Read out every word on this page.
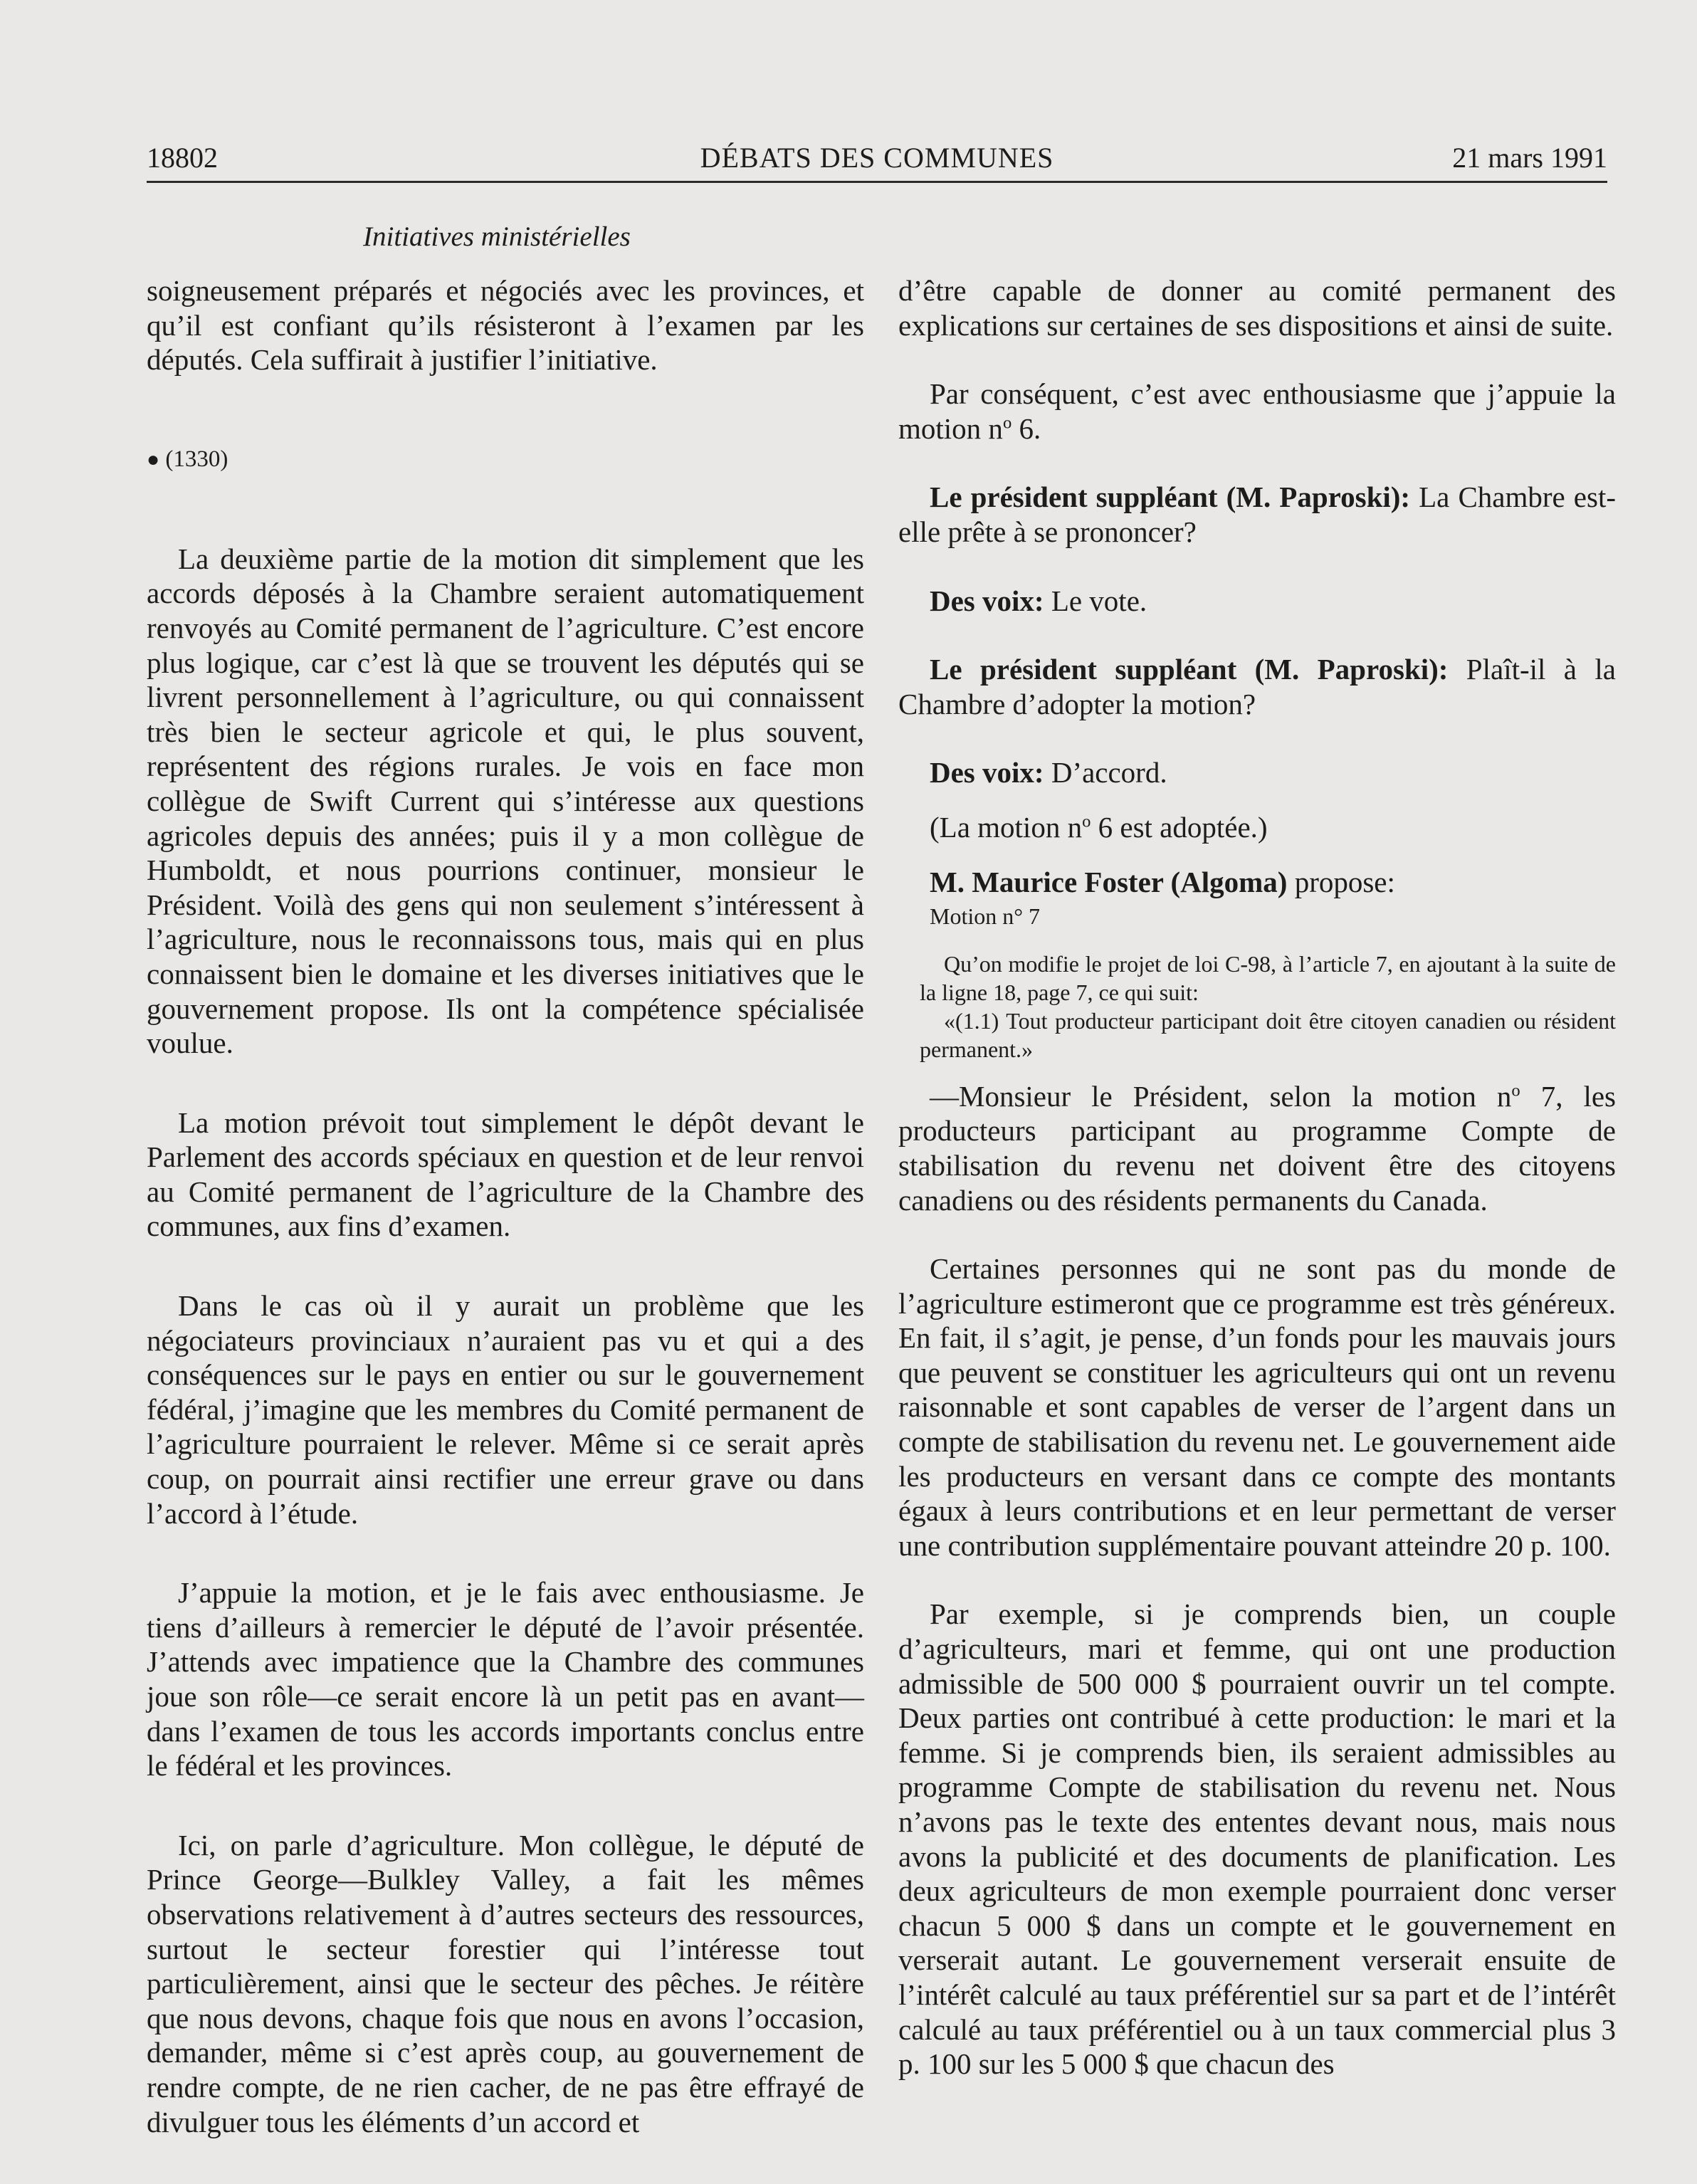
18802	DÉBATS DES COMMUNES	21 mars 1991
Initiatives ministérielles

soigneusement préparés et négociés avec les provinces, et qu’il est confiant qu’ils résisteront à l’examen par les députés. Cela suffirait à justifier l’initiative.

● (1330)

La deuxième partie de la motion dit simplement que les accords déposés à la Chambre seraient automatiquement renvoyés au Comité permanent de l’agriculture. C’est encore plus logique, car c’est là que se trouvent les députés qui se livrent personnellement à l’agriculture, ou qui connaissent très bien le secteur agricole et qui, le plus souvent, représentent des régions rurales. Je vois en face mon collègue de Swift Current qui s’intéresse aux questions agricoles depuis des années; puis il y a mon collègue de Humboldt, et nous pourrions continuer, monsieur le Président. Voilà des gens qui non seulement s’intéressent à l’agriculture, nous le reconnaissons tous, mais qui en plus connaissent bien le domaine et les diverses initiatives que le gouvernement propose. Ils ont la compétence spécialisée voulue.

La motion prévoit tout simplement le dépôt devant le Parlement des accords spéciaux en question et de leur renvoi au Comité permanent de l’agriculture de la Chambre des communes, aux fins d’examen.

Dans le cas où il y aurait un problème que les négociateurs provinciaux n’auraient pas vu et qui a des conséquences sur le pays en entier ou sur le gouvernement fédéral, j’imagine que les membres du Comité permanent de l’agriculture pourraient le relever. Même si ce serait après coup, on pourrait ainsi rectifier une erreur grave ou dans l’accord à l’étude.

J’appuie la motion, et je le fais avec enthousiasme. Je tiens d’ailleurs à remercier le député de l’avoir présentée. J’attends avec impatience que la Chambre des communes joue son rôle—ce serait encore là un petit pas en avant—dans l’examen de tous les accords importants conclus entre le fédéral et les provinces.

Ici, on parle d’agriculture. Mon collègue, le député de Prince George—Bulkley Valley, a fait les mêmes observations relativement à d’autres secteurs des ressources, surtout le secteur forestier qui l’intéresse tout particulièrement, ainsi que le secteur des pêches. Je réitère que nous devons, chaque fois que nous en avons l’occasion, demander, même si c’est après coup, au gouvernement de rendre compte, de ne rien cacher, de ne pas être effrayé de divulguer tous les éléments d’un accord et

d’être capable de donner au comité permanent des explications sur certaines de ses dispositions et ainsi de suite.

Par conséquent, c’est avec enthousiasme que j’appuie la motion $n^o$ 6.

Le président suppléant (M. Paproski): La Chambre est-elle prête à se prononcer?

Des voix: Le vote.

Le président suppléant (M. Paproski): Plaît-il à la Chambre d’adopter la motion?

Des voix: D’accord.

(La motion $n^o$ 6 est adoptée.)

M. Maurice Foster (Algoma) propose:

Motion n° 7

Qu’on modifie le projet de loi C-98, à l’article 7, en ajoutant à la suite de la ligne 18, page 7, ce qui suit:

«(1.1) Tout producteur participant doit être citoyen canadien ou résident permanent.»

—Monsieur le Président, selon la motion $n^o$ 7, les producteurs participant au programme Compte de stabilisation du revenu net doivent être des citoyens canadiens ou des résidents permanents du Canada.

Certaines personnes qui ne sont pas du monde de l’agriculture estimeront que ce programme est très généreux. En fait, il s’agit, je pense, d’un fonds pour les mauvais jours que peuvent se constituer les agriculteurs qui ont un revenu raisonnable et sont capables de verser de l’argent dans un compte de stabilisation du revenu net. Le gouvernement aide les producteurs en versant dans ce compte des montants égaux à leurs contributions et en leur permettant de verser une contribution supplémentaire pouvant atteindre 20 p. 100.

Par exemple, si je comprends bien, un couple d’agriculteurs, mari et femme, qui ont une production admissible de 500 000 $ pourraient ouvrir un tel compte. Deux parties ont contribué à cette production: le mari et la femme. Si je comprends bien, ils seraient admissibles au programme Compte de stabilisation du revenu net. Nous n’avons pas le texte des ententes devant nous, mais nous avons la publicité et des documents de planification. Les deux agriculteurs de mon exemple pourraient donc verser chacun 5 000 $ dans un compte et le gouvernement en verserait autant. Le gouvernement verserait ensuite de l’intérêt calculé au taux préférentiel sur sa part et de l’intérêt calculé au taux préférentiel ou à un taux commercial plus 3 p. 100 sur les 5 000 $ que chacun des
